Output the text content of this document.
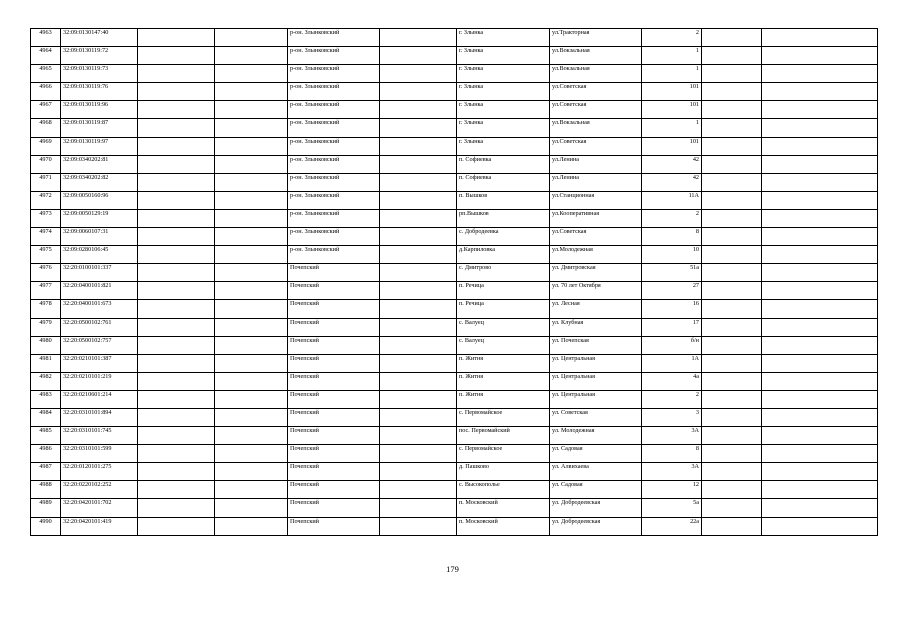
4963	32:09:0130147:40			р-он. Злынковский		г. Злынка	ул.Тракторная	2		
4964	32:09:0130119:72			р-он. Злынковский		г. Злынка	ул.Вокзальная	1		
4965	32:09:0130119:73			р-он. Злынковский		г. Злынка	ул.Вокзальная	1		
4966	32:09:0130119:76			р-он. Злынковский		г. Злынка	ул.Советская	101		
4967	32:09:0130119:96			р-он. Злынковский		г. Злынка	ул.Советская	101		
4968	32:09:0130119:87			р-он. Злынковский		г. Злынка	ул.Вокзальная	1		
4969	32:09:0130119:97			р-он. Злынковский		г. Злынка	ул.Советская	101		
4970	32:09:0340202:81			р-он. Злынковский		п. Софиевка	ул.Ленина	42		
4971	32:09:0340202:82			р-он. Злынковский		п. Софиевка	ул.Ленина	42		
4972	32:09:0050160:96			р-он. Злынковский		п. Вышков	ул.Станционная	11А		
4973	32:09:0050129:19			р-он. Злынковский		рп.Вышков	ул.Кооперативная	2		
4974	32:09:0060107:31			р-он. Злынковский		с. Добродеевка	ул.Советская	8		
4975	32:09:0280106:45			р-он. Злынковский		д.Карпиловка	ул.Молодежная	10		
4976	32:20:0100101:337			Почепский		с. Дмитрово	ул. Дмитровская	51а		
4977	32:20:0400101:821			Почепский		п. Речица	ул. 70 лет Октября	27		
4978	32:20:0400101:673			Почепский		п. Речица	ул. Лесная	16		
4979	32:20:0500102:761			Почепский		с. Валуец	ул. Клубная	17		
4980	32:20:0500102:757			Почепский		с. Валуец	ул. Почепская	б/н		
4981	32:20:0210101:387			Почепский		п. Житня	ул. Центральная	1А		
4982	32:20:0210101:219			Почепский		п. Житня	ул. Центральная	4а		
4983	32:20:0210601:214			Почепский		п. Житня	ул. Центральная	2		
4984	32:20:0310101:894			Почепский		с. Первомайское	ул. Советская	3		
4985	32:20:0310101:745			Почепский		пос. Первомайский	ул. Молодежная	3А		
4986	32:20:0310101:599			Почепский		с. Первомайское	ул. Садовая	8		
4987	32:20:0120101:275			Почепский		д. Пашково	ул. Алвихаева	3А		
4988	32:20:0220102:252			Почепский		с. Высокополье	ул. Садовая	12		
4989	32:20:0420101:702			Почепский		п. Московский	ул. Добродеевская	5а		
4990	32:20:0420101:419			Почепский		п. Московский	ул. Добродеевская	22а		
179
